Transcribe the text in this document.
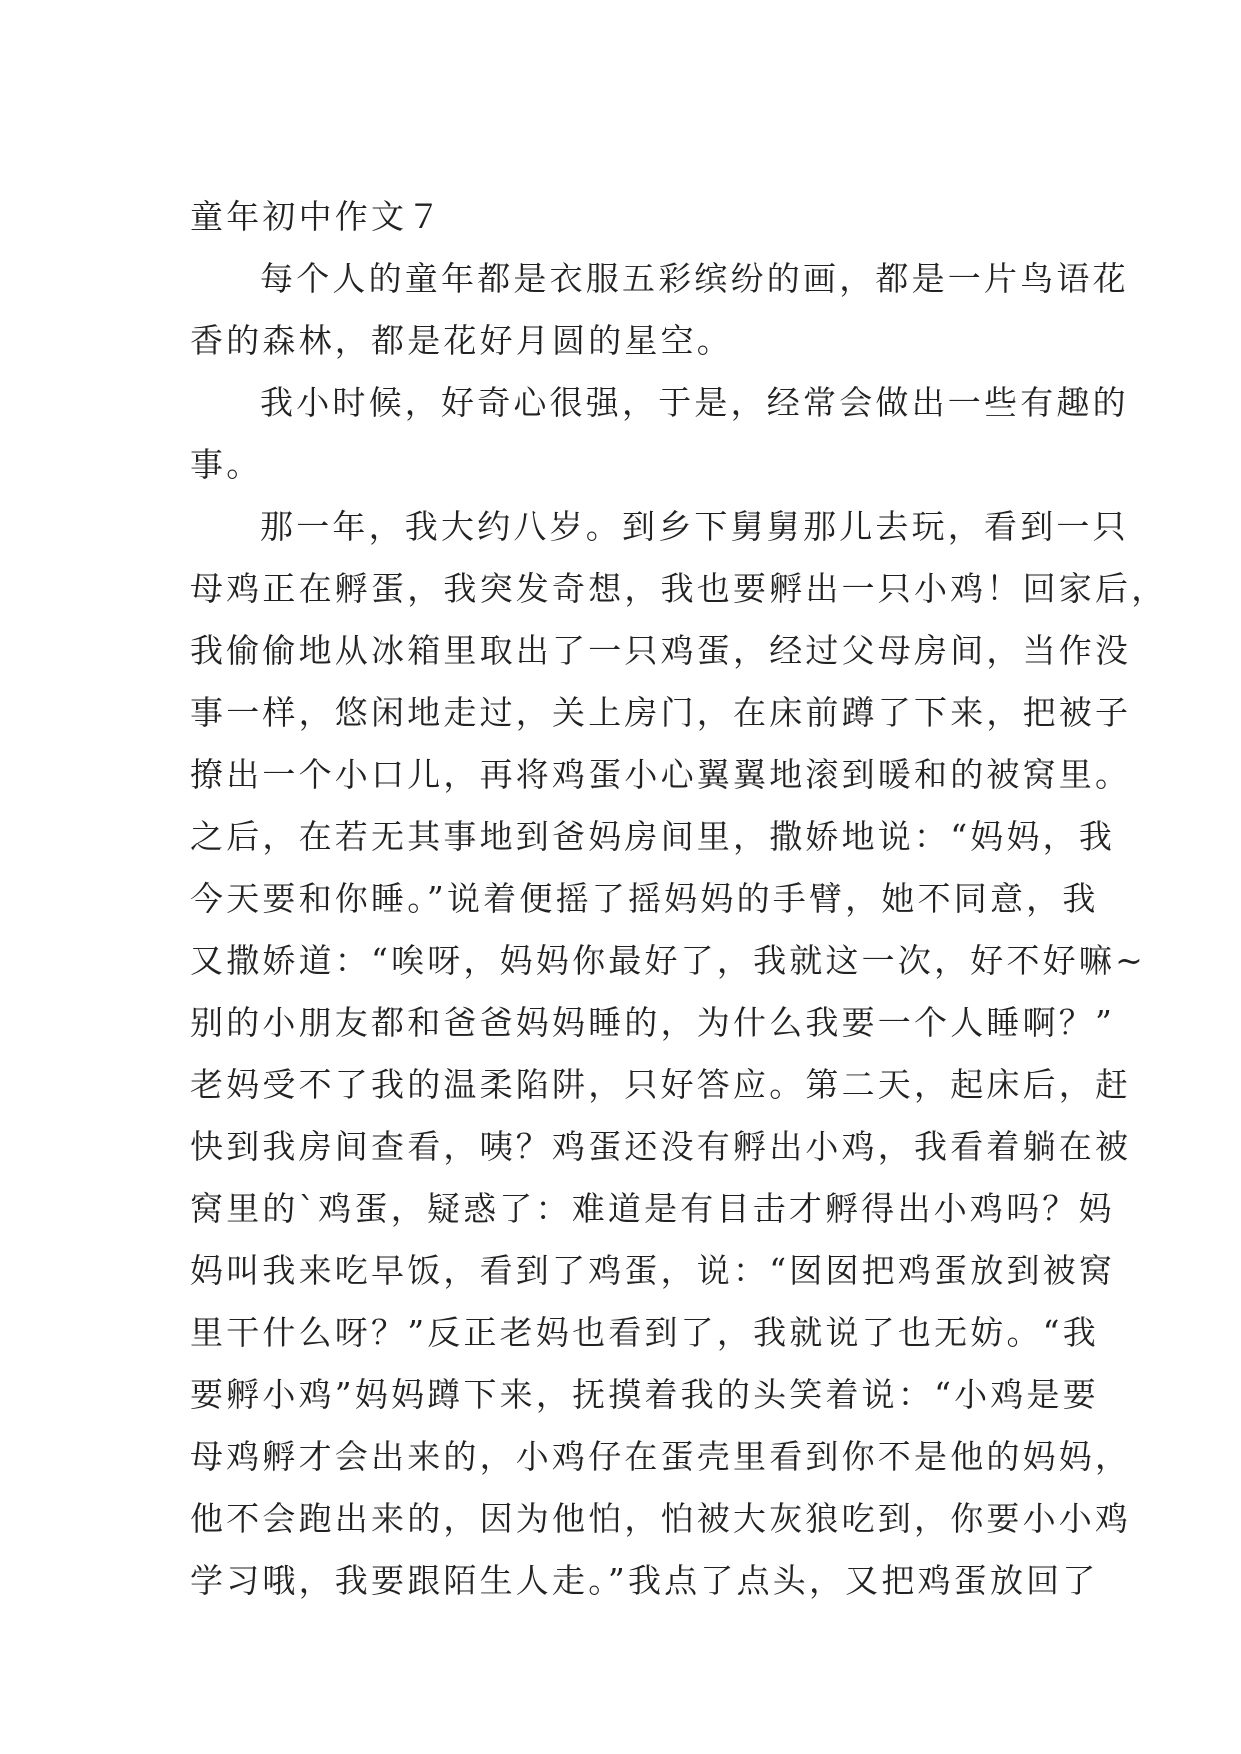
童年初中作文７
每个人的童年都是衣服五彩缤纷的画，都是一片鸟语花
香的森林，都是花好月圆的星空。
我小时候，好奇心很强，于是，经常会做出一些有趣的
事。
那一年，我大约八岁。到乡下舅舅那儿去玩，看到一只
母鸡正在孵蛋，我突发奇想，我也要孵出一只小鸡！回家后，
我偷偷地从冰箱里取出了一只鸡蛋，经过父母房间，当作没
事一样，悠闲地走过，关上房门，在床前蹲了下来，把被子
撩出一个小口儿，再将鸡蛋小心翼翼地滚到暖和的被窝里。
之后，在若无其事地到爸妈房间里，撒娇地说：“妈妈，我
今天要和你睡。”说着便摇了摇妈妈的手臂，她不同意，我
又撒娇道：“唉呀，妈妈你最好了，我就这一次，好不好嘛~
别的小朋友都和爸爸妈妈睡的，为什么我要一个人睡啊？”
老妈受不了我的温柔陷阱，只好答应。第二天，起床后，赶
快到我房间查看，咦？鸡蛋还没有孵出小鸡，我看着躺在被
窝里的`鸡蛋，疑惑了：难道是有目击才孵得出小鸡吗？妈
妈叫我来吃早饭，看到了鸡蛋，说：“囡囡把鸡蛋放到被窝
里干什么呀？”反正老妈也看到了，我就说了也无妨。“我
要孵小鸡”妈妈蹲下来，抚摸着我的头笑着说：“小鸡是要
母鸡孵才会出来的，小鸡仔在蛋壳里看到你不是他的妈妈，
他不会跑出来的，因为他怕，怕被大灰狼吃到，你要小小鸡
学习哦，我要跟陌生人走。”我点了点头，又把鸡蛋放回了
